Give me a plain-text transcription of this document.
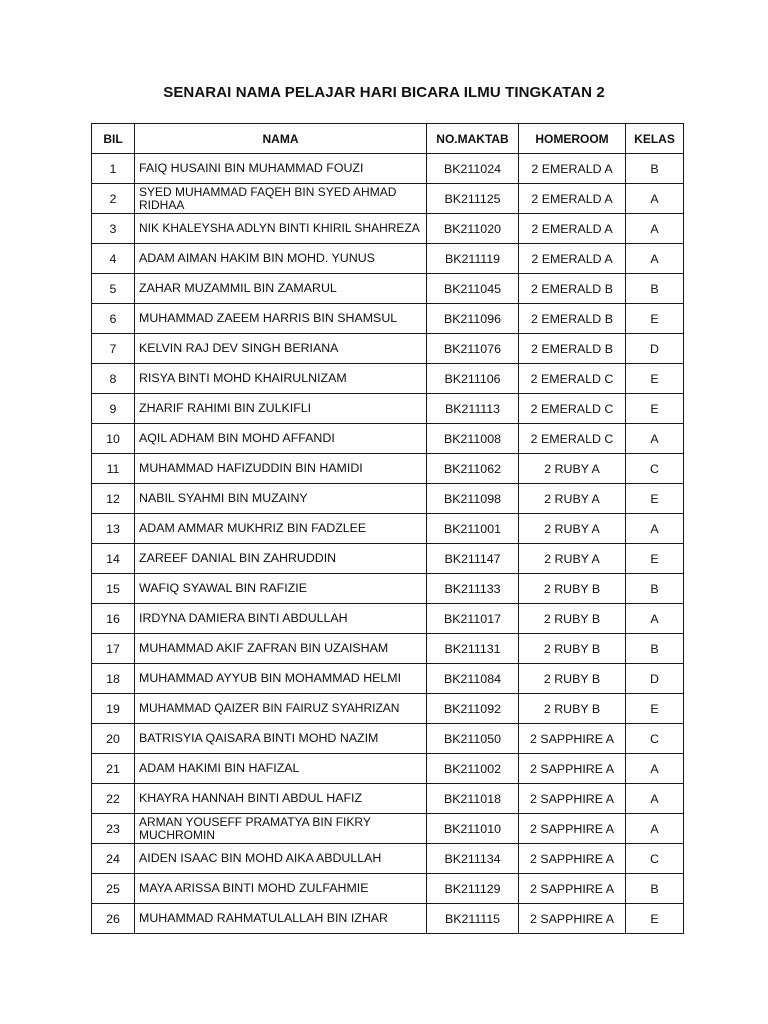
SENARAI NAMA PELAJAR HARI BICARA ILMU TINGKATAN 2
BIL	NAMA	NO.MAKTAB	HOMEROOM	KELAS
1	FAIQ HUSAINI BIN MUHAMMAD FOUZI	BK211024	2 EMERALD A	B
2	SYED MUHAMMAD FAQEH BIN SYED AHMAD RIDHAA	BK211125	2 EMERALD A	A
3	NIK KHALEYSHA ADLYN BINTI KHIRIL SHAHREZA	BK211020	2 EMERALD A	A
4	ADAM AIMAN HAKIM BIN MOHD. YUNUS	BK211119	2 EMERALD A	A
5	ZAHAR MUZAMMIL BIN ZAMARUL	BK211045	2 EMERALD B	B
6	MUHAMMAD ZAEEM HARRIS BIN SHAMSUL	BK211096	2 EMERALD B	E
7	KELVIN RAJ DEV SINGH BERIANA	BK211076	2 EMERALD B	D
8	RISYA BINTI MOHD KHAIRULNIZAM	BK211106	2 EMERALD C	E
9	ZHARIF RAHIMI BIN ZULKIFLI	BK211113	2 EMERALD C	E
10	AQIL ADHAM BIN MOHD AFFANDI	BK211008	2 EMERALD C	A
11	MUHAMMAD HAFIZUDDIN BIN HAMIDI	BK211062	2 RUBY A	C
12	NABIL SYAHMI BIN MUZAINY	BK211098	2 RUBY A	E
13	ADAM AMMAR MUKHRIZ BIN FADZLEE	BK211001	2 RUBY A	A
14	ZAREEF DANIAL BIN ZAHRUDDIN	BK211147	2 RUBY A	E
15	WAFIQ SYAWAL BIN RAFIZIE	BK211133	2 RUBY B	B
16	IRDYNA DAMIERA BINTI ABDULLAH	BK211017	2 RUBY B	A
17	MUHAMMAD AKIF ZAFRAN BIN UZAISHAM	BK211131	2 RUBY B	B
18	MUHAMMAD AYYUB BIN MOHAMMAD HELMI	BK211084	2 RUBY B	D
19	MUHAMMAD QAIZER BIN FAIRUZ SYAHRIZAN	BK211092	2 RUBY B	E
20	BATRISYIA QAISARA BINTI MOHD NAZIM	BK211050	2 SAPPHIRE A	C
21	ADAM HAKIMI BIN HAFIZAL	BK211002	2 SAPPHIRE A	A
22	KHAYRA HANNAH BINTI ABDUL HAFIZ	BK211018	2 SAPPHIRE A	A
23	ARMAN YOUSEFF PRAMATYA BIN FIKRY MUCHROMIN	BK211010	2 SAPPHIRE A	A
24	AIDEN ISAAC BIN MOHD AIKA ABDULLAH	BK211134	2 SAPPHIRE A	C
25	MAYA ARISSA BINTI MOHD ZULFAHMIE	BK211129	2 SAPPHIRE A	B
26	MUHAMMAD RAHMATULALLAH BIN IZHAR	BK211115	2 SAPPHIRE A	E
